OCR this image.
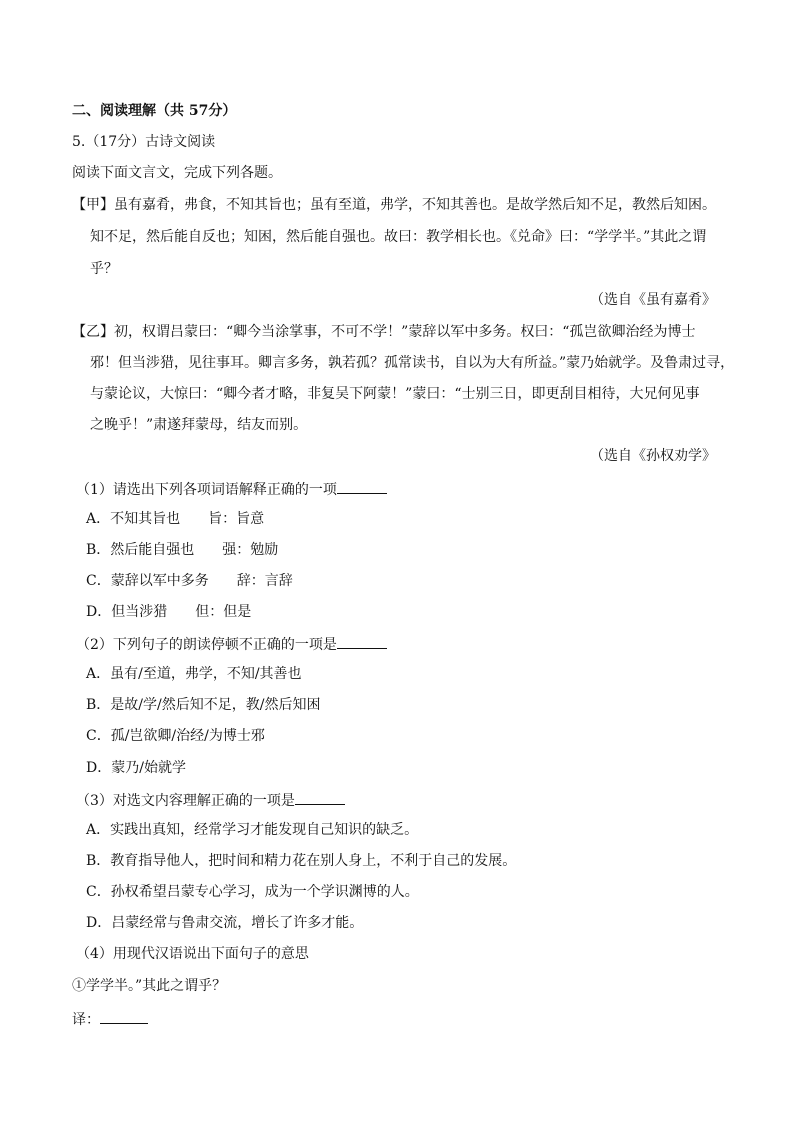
二、阅读理解（共 57分）
5.（17分）古诗文阅读
阅读下面文言文，完成下列各题。
【甲】虽有嘉肴，弗食，不知其旨也；虽有至道，弗学，不知其善也。是故学然后知不足，教然后知困。
知不足，然后能自反也；知困，然后能自强也。故曰：教学相长也。《兑命》曰：“学学半。”其此之谓
乎？
（选自《虽有嘉肴》
【乙】初，权谓吕蒙曰：“卿今当涂掌事，不可不学！”蒙辞以军中多务。权曰：“孤岂欲卿治经为博士
邪！但当涉猎，见往事耳。卿言多务，孰若孤？孤常读书，自以为大有所益。”蒙乃始就学。及鲁肃过寻，
与蒙论议，大惊曰：“卿今者才略，非复吴下阿蒙！”蒙曰：“士别三日，即更刮目相待，大兄何见事
之晚乎！”肃遂拜蒙母，结友而别。
（选自《孙权劝学》
（1）请选出下列各项词语解释正确的一项
A．不知其旨也　　旨：旨意
B．然后能自强也　　强：勉励
C．蒙辞以军中多务　　辞：言辞
D．但当涉猎　　但：但是
（2）下列句子的朗读停顿不正确的一项是
A．虽有/至道，弗学，不知/其善也
B．是故/学/然后知不足，教/然后知困
C．孤/岂欲卿/治经/为博士邪
D．蒙乃/始就学
（3）对选文内容理解正确的一项是
A．实践出真知，经常学习才能发现自己知识的缺乏。
B．教育指导他人，把时间和精力花在别人身上，不利于自己的发展。
C．孙权希望吕蒙专心学习，成为一个学识渊博的人。
D．吕蒙经常与鲁肃交流，增长了许多才能。
（4）用现代汉语说出下面句子的意思
①学学半。”其此之谓乎？
译：
